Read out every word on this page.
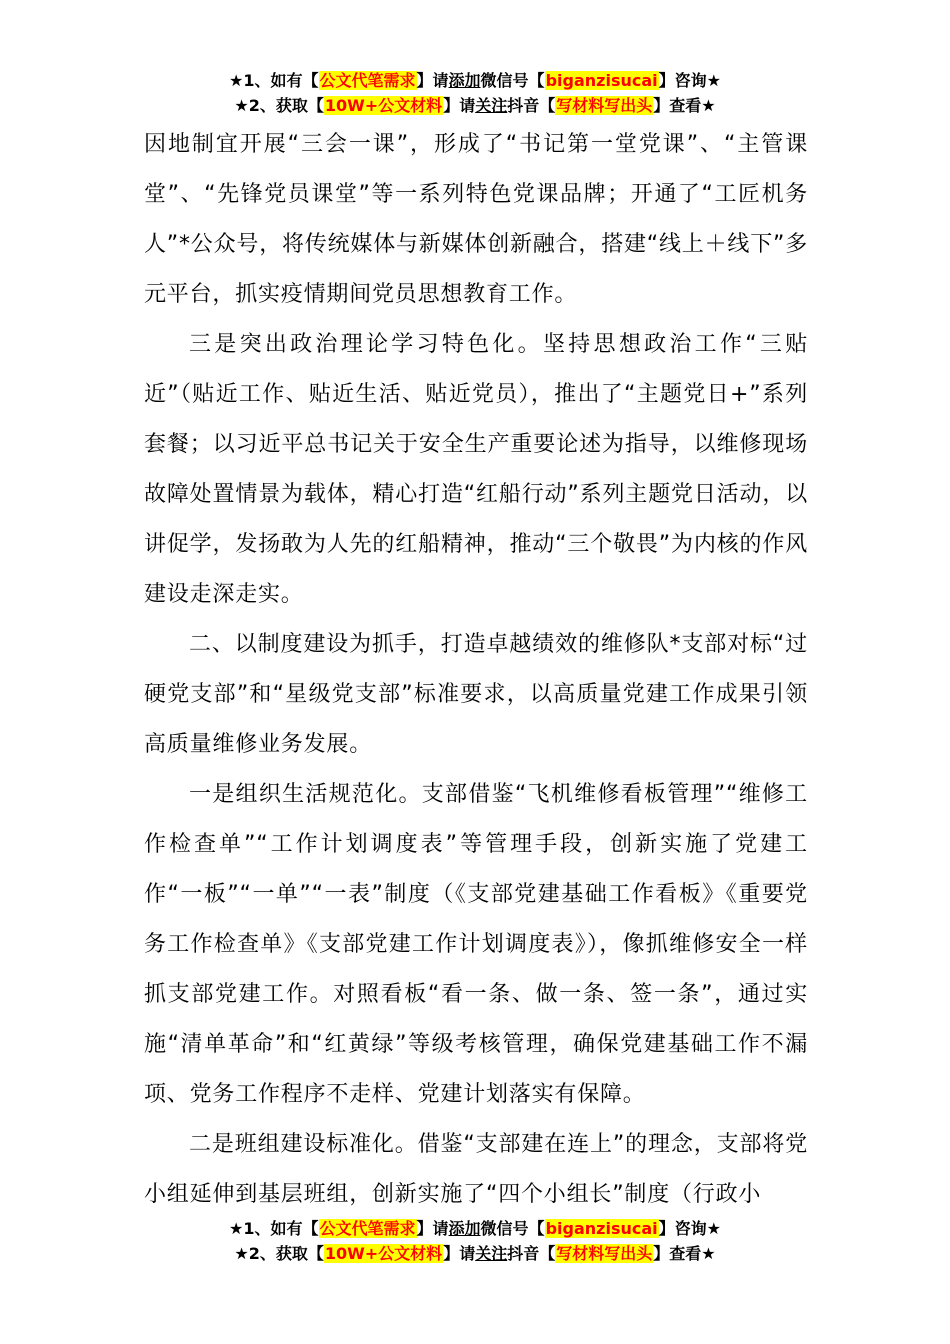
★1、如有【公文代笔需求】请添加微信号【biganzisucai】咨询★
★2、获取【10W+公文材料】请关注抖音【写材料写出头】查看★

因地制宜开展“三会一课”，形成了“书记第一堂党课”、“主管课堂”、“先锋党员课堂”等一系列特色党课品牌；开通了“工匠机务人”*公众号，将传统媒体与新媒体创新融合，搭建“线上＋线下”多元平台，抓实疫情期间党员思想教育工作。

三是突出政治理论学习特色化。坚持思想政治工作“三贴近”（贴近工作、贴近生活、贴近党员），推出了“主题党日+”系列套餐；以习近平总书记关于安全生产重要论述为指导，以维修现场故障处置情景为载体，精心打造“红船行动”系列主题党日活动，以讲促学，发扬敢为人先的红船精神，推动“三个敬畏”为内核的作风建设走深走实。

二、以制度建设为抓手，打造卓越绩效的维修队*支部对标“过硬党支部”和“星级党支部”标准要求，以高质量党建工作成果引领高质量维修业务发展。

一是组织生活规范化。支部借鉴“飞机维修看板管理”“维修工作检查单”“工作计划调度表”等管理手段，创新实施了党建工作“一板”“一单”“一表”制度（《支部党建基础工作看板》《重要党务工作检查单》《支部党建工作计划调度表》），像抓维修安全一样抓支部党建工作。对照看板“看一条、做一条、签一条”，通过实施“清单革命”和“红黄绿”等级考核管理，确保党建基础工作不漏项、党务工作程序不走样、党建计划落实有保障。

二是班组建设标准化。借鉴“支部建在连上”的理念，支部将党小组延伸到基层班组，创新实施了“四个小组长”制度（行政小

★1、如有【公文代笔需求】请添加微信号【biganzisucai】咨询★
★2、获取【10W+公文材料】请关注抖音【写材料写出头】查看★
